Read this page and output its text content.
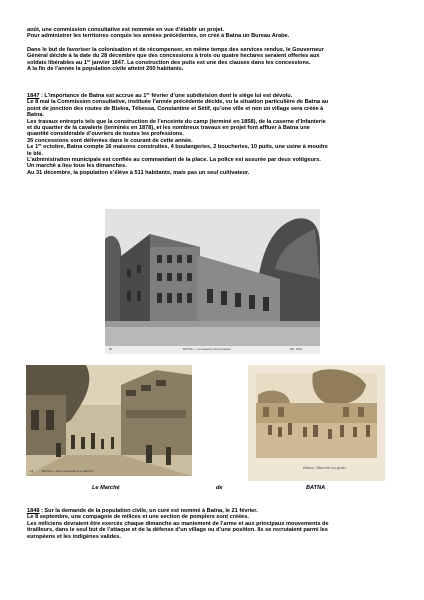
août, une commission consultative est nommée en vue d’établir un projet.

Pour administrer les territoires conquis les années précédentes, on créé à Batna un Bureau Arabe.

Dans le but de favoriser la colonisation et de récompenser, en même temps des services rendus, le Gouverneur

Général décide à la date du 28 décembre que des concessions à trois ou quatre hectares seraient offertes aux

soldats libérables au 1er janvier 1847. La construction des puits est une des clauses dans les concessions.

A la fin de l’année la population civile atteint 200 habitants.

1847 : L’importance de Batna est accrue au 1er février d’une subdivision dont le siège lui est dévolu.

Le 8 mai la Commission consultative, instituée l’année précédente décide, vu la situation particulière de Batna au

point de jonction des routes de Biskra, Tébessa, Constantine et Sétif, qu’une ville et non un village sera créée à

Batna.

Les travaux entrepris tels que la construction de l’enceinte du camp (terminé en 1858), de la caserne d’Infanterie

et du quartier de la cavalerie (terminés en 1878), et les nombreux travaux en projet font affluer à Batna une

quantité considérable d’ouvriers de toutes les professions.

35 concessions sont délivrées dans le courant de cette année.

Le 1er octobre, Batna compte 16 maisons construites, 4 boulangeries, 2 boucheries, 10 puits, une usine à moudre

le blé.

L’administration municipale est confiée au commandant de la place. La police est assurée par deux voltigeurs.

Un marché a lieu tous les dimanches.

Au 31 décembre, la population s’élève à 511 habitants, mais pas un seul cultivateur.

50	BATNA — La Caserne des Zouaves	ND. Phot.
18	BATNA — Rue Gambetta et le Marché
Batna / Marché au grain
Le Marché	de	BATNA

1848 : Sur la demande de la population civile, un curé est nommé à Batna, le 21 février.

Le 8 septembre, une compagnie de milices et une section de pompiers sont créées.

Les miliciens devraient être exercés chaque dimanche au maniement de l’arme et aux principaux mouvements de

tirailleurs, dans le seul but de l’attaque et de la défense d’un village ou d’une position. Ils se recrutaient parmi les

européens et les indigènes valides.
